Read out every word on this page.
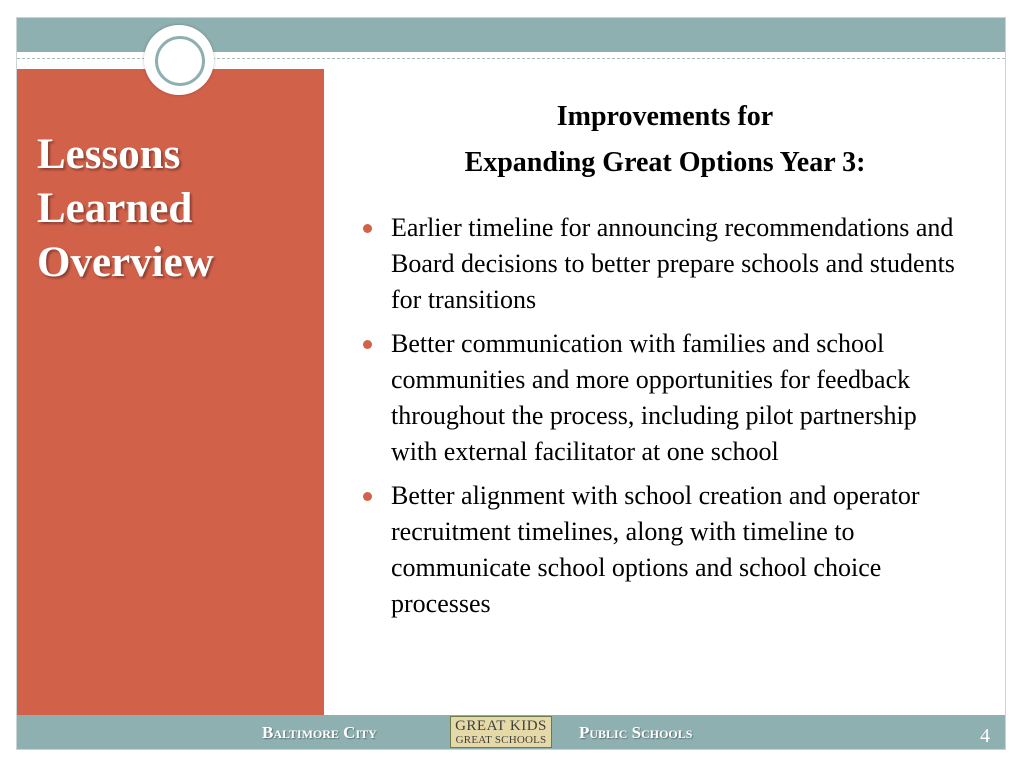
Lessons
Learned
Overview
Improvements for
Expanding Great Options Year 3:
Earlier timeline for announcing recommendations and Board decisions to better prepare schools and students for transitions
Better communication with families and school communities and more opportunities for feedback throughout the process, including pilot partnership with external facilitator at one school
Better alignment with school creation and operator recruitment timelines, along with timeline to communicate school options and school choice processes
Baltimore City	GREAT KIDS
GREAT SCHOOLS Public Schools	4
